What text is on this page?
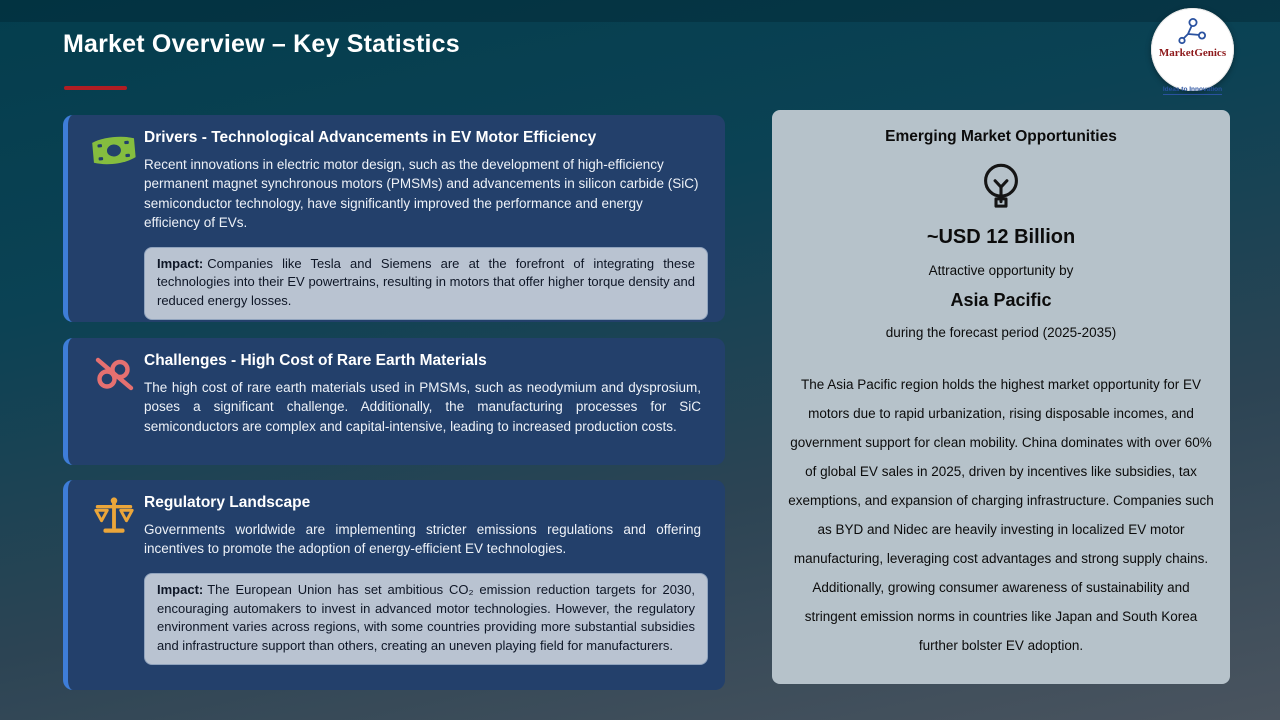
Market Overview – Key Statistics	MarketGenics

Ideas to Innovation
Drivers - Technological Advancements in EV Motor Efficiency

Recent innovations in electric motor design, such as the development of high-efficiency permanent magnet synchronous motors (PMSMs) and advancements in silicon carbide (SiC) semiconductor technology, have significantly improved the performance and energy efficiency of EVs.

Impact: Companies like Tesla and Siemens are at the forefront of integrating these technologies into their EV powertrains, resulting in motors that offer higher torque density and reduced energy losses.
Challenges - High Cost of Rare Earth Materials

The high cost of rare earth materials used in PMSMs, such as neodymium and dysprosium, poses a significant challenge. Additionally, the manufacturing processes for SiC semiconductors are complex and capital-intensive, leading to increased production costs.

Regulatory Landscape

Governments worldwide are implementing stricter emissions regulations and offering incentives to promote the adoption of energy-efficient EV technologies.

Impact: The European Union has set ambitious CO₂ emission reduction targets for 2030, encouraging automakers to invest in advanced motor technologies. However, the regulatory environment varies across regions, with some countries providing more substantial subsidies and infrastructure support than others, creating an uneven playing field for manufacturers.
Emerging Market Opportunities
~USD 12 Billion
Attractive opportunity by
Asia Pacific
during the forecast period (2025-2035)

The Asia Pacific region holds the highest market opportunity for EV motors due to rapid urbanization, rising disposable incomes, and government support for clean mobility. China dominates with over 60% of global EV sales in 2025, driven by incentives like subsidies, tax exemptions, and expansion of charging infrastructure. Companies such as BYD and Nidec are heavily investing in localized EV motor manufacturing, leveraging cost advantages and strong supply chains. Additionally, growing consumer awareness of sustainability and stringent emission norms in countries like Japan and South Korea further bolster EV adoption.
